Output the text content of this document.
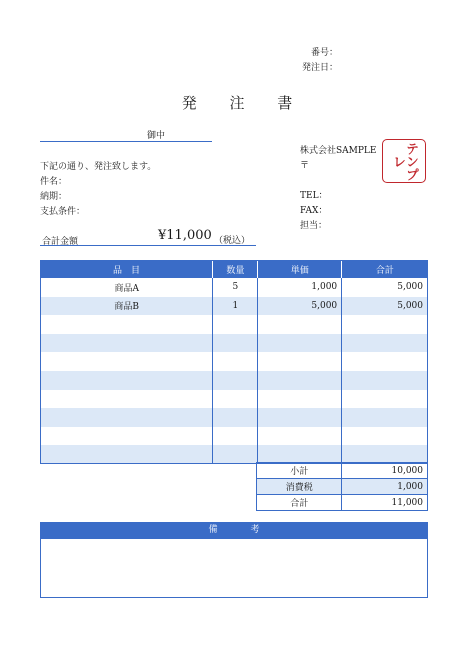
番号：
発注日：
発 注 書
御中
下記の通り、発注致します。
件名：
納期：
支払条件：
株式会社SAMPLE
〒
TEL：
FAX：
担当：
テンプレ
合計金額	¥11,000 （税込）
品　目	数量	単価	合計
商品A	5	1,000	5,000
商品B	1	5,000	5,000

小計	10,000
消費税	1,000
合計	11,000
備　考
